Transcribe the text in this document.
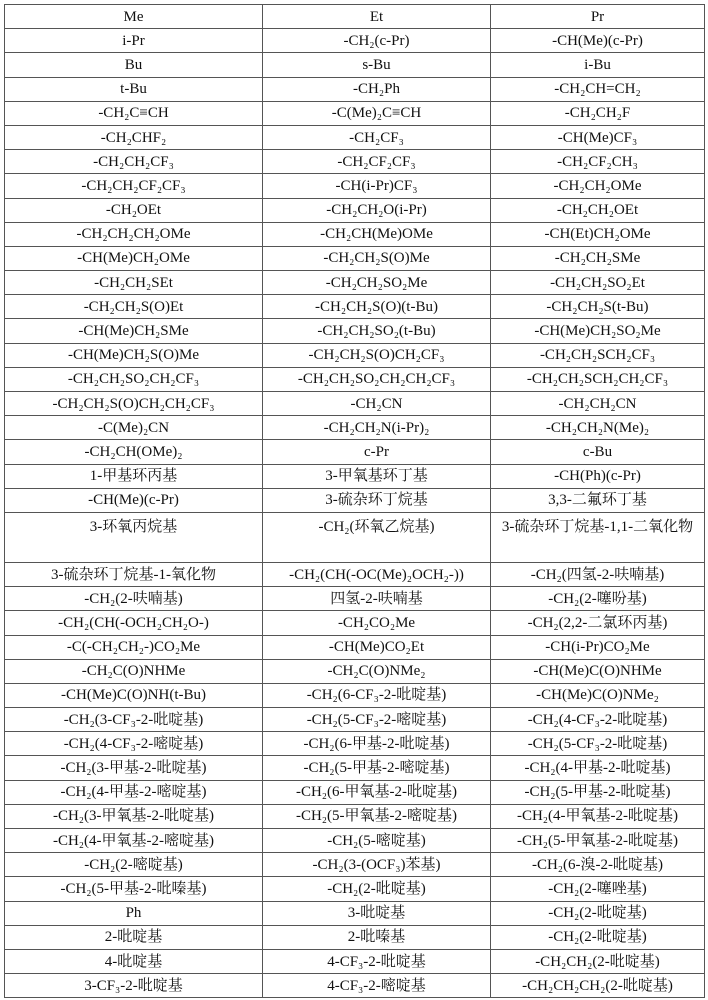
Me	Et	Pr
i-Pr	-CH₂(c-Pr)	-CH(Me)(c-Pr)
Bu	s-Bu	i-Bu
t-Bu	-CH₂Ph	-CH₂CH=CH₂
-CH₂C≡CH	-C(Me)₂C≡CH	-CH₂CH₂F
-CH₂CHF₂	-CH₂CF₃	-CH(Me)CF₃
-CH₂CH₂CF₃	-CH₂CF₂CF₃	-CH₂CF₂CH₃
-CH₂CH₂CF₂CF₃	-CH(i-Pr)CF₃	-CH₂CH₂OMe
-CH₂OEt	-CH₂CH₂O(i-Pr)	-CH₂CH₂OEt
-CH₂CH₂CH₂OMe	-CH₂CH(Me)OMe	-CH(Et)CH₂OMe
-CH(Me)CH₂OMe	-CH₂CH₂S(O)Me	-CH₂CH₂SMe
-CH₂CH₂SEt	-CH₂CH₂SO₂Me	-CH₂CH₂SO₂Et
-CH₂CH₂S(O)Et	-CH₂CH₂S(O)(t-Bu)	-CH₂CH₂S(t-Bu)
-CH(Me)CH₂SMe	-CH₂CH₂SO₂(t-Bu)	-CH(Me)CH₂SO₂Me
-CH(Me)CH₂S(O)Me	-CH₂CH₂S(O)CH₂CF₃	-CH₂CH₂SCH₂CF₃
-CH₂CH₂SO₂CH₂CF₃	-CH₂CH₂SO₂CH₂CH₂CF₃	-CH₂CH₂SCH₂CH₂CF₃
-CH₂CH₂S(O)CH₂CH₂CF₃	-CH₂CN	-CH₂CH₂CN
-C(Me)₂CN	-CH₂CH₂N(i-Pr)₂	-CH₂CH₂N(Me)₂
-CH₂CH(OMe)₂	c-Pr	c-Bu
1-甲基环丙基	3-甲氧基环丁基	-CH(Ph)(c-Pr)
-CH(Me)(c-Pr)	3-硫杂环丁烷基	3,3-二氟环丁基
3-环氧丙烷基	-CH₂(环氧乙烷基)	3-硫杂环丁烷基-1,1-二氧化物
3-硫杂环丁烷基-1-氧化物	-CH₂(CH(-OC(Me)₂OCH₂-))	-CH₂(四氢-2-呋喃基)
-CH₂(2-呋喃基)	四氢-2-呋喃基	-CH₂(2-噻吩基)
-CH₂(CH(-OCH₂CH₂O-)	-CH₂CO₂Me	-CH₂(2,2-二氯环丙基)
-C(-CH₂CH₂-)CO₂Me	-CH(Me)CO₂Et	-CH(i-Pr)CO₂Me
-CH₂C(O)NHMe	-CH₂C(O)NMe₂	-CH(Me)C(O)NHMe
-CH(Me)C(O)NH(t-Bu)	-CH₂(6-CF₃-2-吡啶基)	-CH(Me)C(O)NMe₂
-CH₂(3-CF₃-2-吡啶基)	-CH₂(5-CF₃-2-嘧啶基)	-CH₂(4-CF₃-2-吡啶基)
-CH₂(4-CF₃-2-嘧啶基)	-CH₂(6-甲基-2-吡啶基)	-CH₂(5-CF₃-2-吡啶基)
-CH₂(3-甲基-2-吡啶基)	-CH₂(5-甲基-2-嘧啶基)	-CH₂(4-甲基-2-吡啶基)
-CH₂(4-甲基-2-嘧啶基)	-CH₂(6-甲氧基-2-吡啶基)	-CH₂(5-甲基-2-吡啶基)
-CH₂(3-甲氧基-2-吡啶基)	-CH₂(5-甲氧基-2-嘧啶基)	-CH₂(4-甲氧基-2-吡啶基)
-CH₂(4-甲氧基-2-嘧啶基)	-CH₂(5-嘧啶基)	-CH₂(5-甲氧基-2-吡啶基)
-CH₂(2-嘧啶基)	-CH₂(3-(OCF₃)苯基)	-CH₂(6-溴-2-吡啶基)
-CH₂(5-甲基-2-吡嗪基)	-CH₂(2-吡啶基)	-CH₂(2-噻唑基)
Ph	3-吡啶基	-CH₂(2-吡啶基)
2-吡啶基	2-吡嗪基	-CH₂(2-吡啶基)
4-吡啶基	4-CF₃-2-吡啶基	-CH₂CH₂(2-吡啶基)
3-CF₃-2-吡啶基	4-CF₃-2-嘧啶基	-CH₂CH₂CH₂(2-吡啶基)
